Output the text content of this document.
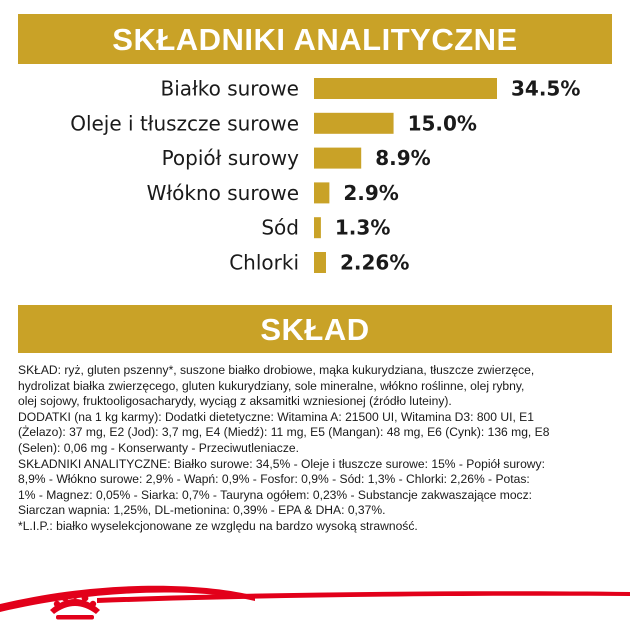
SKŁADNIKI ANALITYCZNE
Białko surowe	34.5%
Oleje i tłuszcze surowe	15.0%
Popiół surowy	8.9%
Włókno surowe 2.9%
Sód 1.3%
Chlorki 2.26%
SKŁAD

SKŁAD: ryż, gluten pszenny*, suszone białko drobiowe, mąka kukurydziana, tłuszcze zwierzęce,

hydrolizat białka zwierzęcego, gluten kukurydziany, sole mineralne, włókno roślinne, olej rybny,

olej sojowy, fruktooligosacharydy, wyciąg z aksamitki wzniesionej (źródło luteiny).

DODATKI (na 1 kg karmy): Dodatki dietetyczne: Witamina A: 21500 UI, Witamina D3: 800 UI, E1

(Żelazo): 37 mg, E2 (Jod): 3,7 mg, E4 (Miedź): 11 mg, E5 (Mangan): 48 mg, E6 (Cynk): 136 mg, E8

(Selen): 0,06 mg - Konserwanty - Przeciwutleniacze.

SKŁADNIKI ANALITYCZNE: Białko surowe: 34,5% - Oleje i tłuszcze surowe: 15% - Popiół surowy:

8,9% - Włókno surowe: 2,9% - Wapń: 0,9% - Fosfor: 0,9% - Sód: 1,3% - Chlorki: 2,26% - Potas:

1% - Magnez: 0,05% - Siarka: 0,7% - Tauryna ogółem: 0,23% - Substancje zakwaszające mocz:

Siarczan wapnia: 1,25%, DL-metionina: 0,39% - EPA & DHA: 0,37%.

*L.I.P.: białko wyselekcjonowane ze względu na bardzo wysoką strawność.
